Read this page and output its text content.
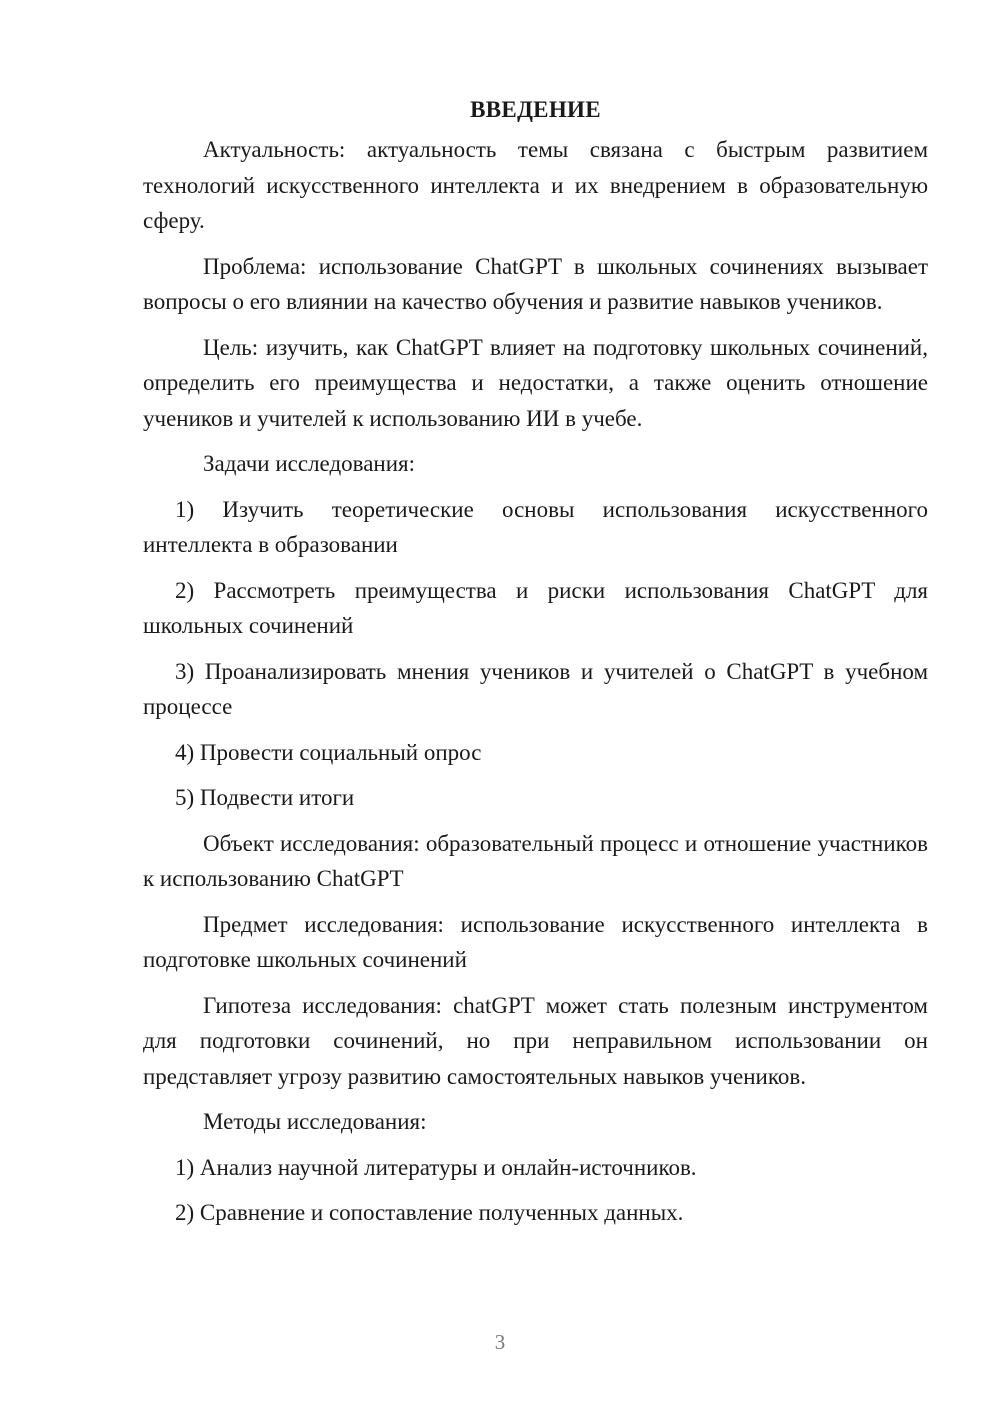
ВВЕДЕНИЕ

Актуальность: актуальность темы связана с быстрым развитием технологий искусственного интеллекта и их внедрением в образовательную сферу.

Проблема: использование ChatGPT в школьных сочинениях вызывает вопросы о его влиянии на качество обучения и развитие навыков учеников.

Цель: изучить, как ChatGPT влияет на подготовку школьных сочинений, определить его преимущества и недостатки, а также оценить отношение учеников и учителей к использованию ИИ в учебе.

Задачи исследования:

1) Изучить теоретические основы использования искусственного интеллекта в образовании

2) Рассмотреть преимущества и риски использования ChatGPT для школьных сочинений

3) Проанализировать мнения учеников и учителей о ChatGPT в учебном процессе

4) Провести социальный опрос

5) Подвести итоги

Объект исследования: образовательный процесс и отношение участников к использованию ChatGPT

Предмет исследования: использование искусственного интеллекта в подготовке школьных сочинений

Гипотеза исследования: chatGPT может стать полезным инструментом для подготовки сочинений, но при неправильном использовании он представляет угрозу развитию самостоятельных навыков учеников.

Методы исследования:

1) Анализ научной литературы и онлайн-источников.

2) Сравнение и сопоставление полученных данных.

3
